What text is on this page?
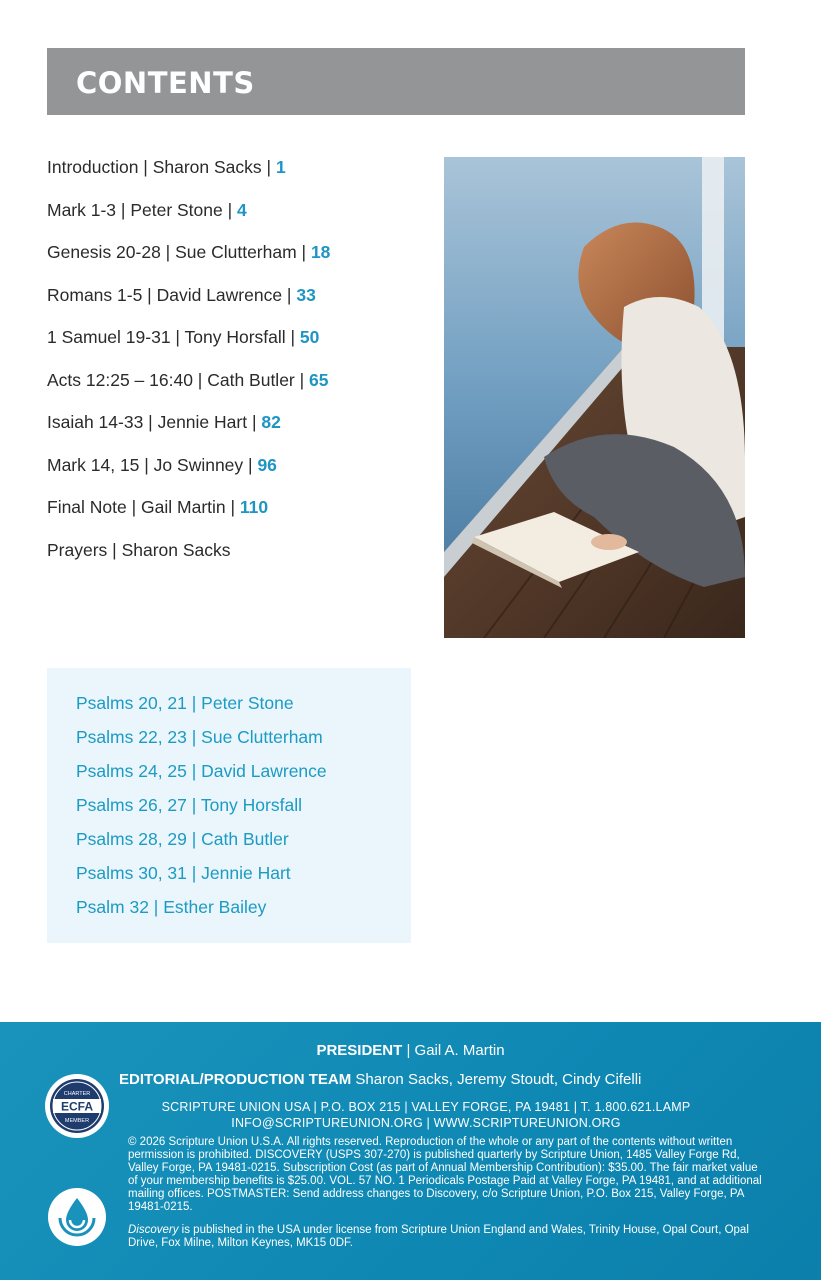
CONTENTS
Introduction | Sharon Sacks | 1
Mark 1-3 | Peter Stone | 4
Genesis 20-28 | Sue Clutterham | 18
Romans 1-5 | David Lawrence | 33
1 Samuel 19-31 | Tony Horsfall | 50
Acts 12:25 – 16:40 | Cath Butler | 65
Isaiah 14-33 | Jennie Hart | 82
Mark 14, 15 | Jo Swinney | 96
Final Note | Gail Martin | 110
Prayers | Sharon Sacks
Psalms 20, 21 | Peter Stone
Psalms 22, 23 | Sue Clutterham
Psalms 24, 25 | David Lawrence
Psalms 26, 27 | Tony Horsfall
Psalms 28, 29 | Cath Butler
Psalms 30, 31 | Jennie Hart
Psalm 32 | Esther Bailey
PRESIDENT | Gail A. Martin
EDITORIAL/PRODUCTION TEAM Sharon Sacks, Jeremy Stoudt, Cindy Cifelli
SCRIPTURE UNION USA | P.O. BOX 215 | VALLEY FORGE, PA 19481 | T. 1.800.621.LAMP
INFO@SCRIPTUREUNION.ORG | WWW.SCRIPTUREUNION.ORG
© 2026 Scripture Union U.S.A. All rights reserved. Reproduction of the whole or any part of the contents without written permission is prohibited. DISCOVERY (USPS 307-270) is published quarterly by Scripture Union, 1485 Valley Forge Rd, Valley Forge, PA 19481-0215. Subscription Cost (as part of Annual Membership Contribution): $35.00. The fair market value of your membership benefits is $25.00. VOL. 57 NO. 1 Periodicals Postage Paid at Valley Forge, PA 19481, and at additional mailing offices. POSTMASTER: Send address changes to Discovery, c/o Scripture Union, P.O. Box 215, Valley Forge, PA 19481-0215.
Discovery is published in the USA under license from Scripture Union England and Wales, Trinity House, Opal Court, Opal Drive, Fox Milne, Milton Keynes, MK15 0DF.
ECFA
CHARTER
MEMBER
